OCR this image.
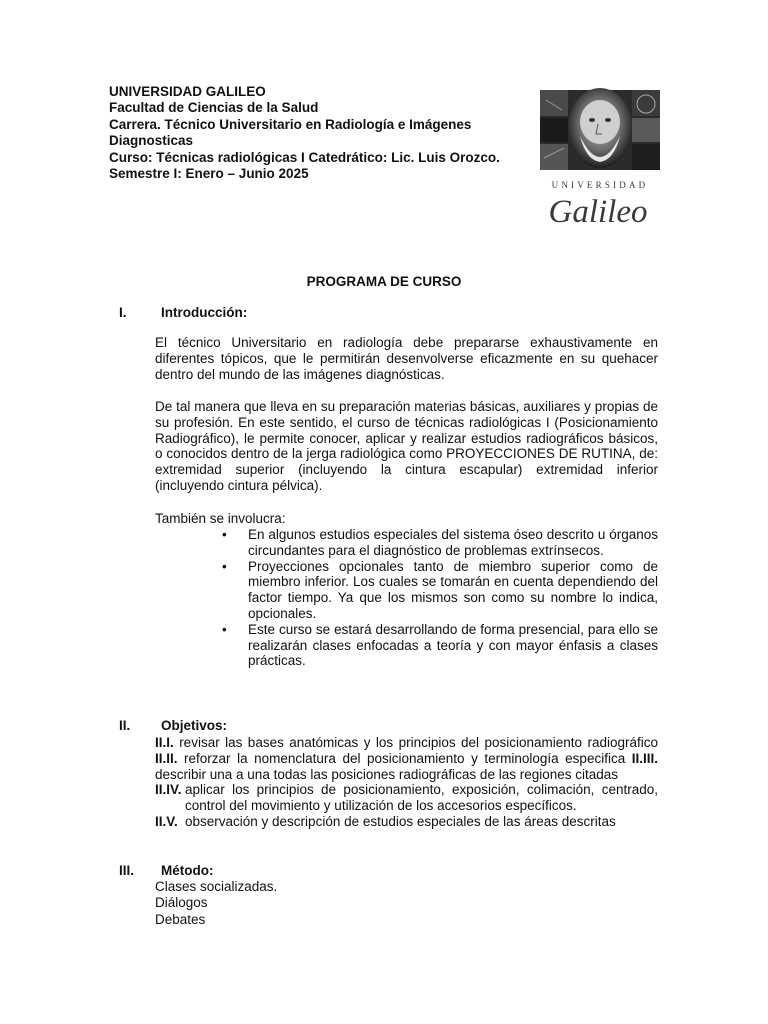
UNIVERSIDAD GALILEO
Facultad de Ciencias de la Salud
Carrera. Técnico Universitario en Radiología e Imágenes Diagnosticas
Curso: Técnicas radiológicas I Catedrático: Lic. Luis Orozco.
Semestre I: Enero – Junio 2025
UNIVERSIDAD
Galileo
PROGRAMA DE CURSO
I.	Introducción:

El técnico Universitario en radiología debe prepararse exhaustivamente en diferentes tópicos, que le permitirán desenvolverse eficazmente en su quehacer dentro del mundo de las imágenes diagnósticas.

De tal manera que lleva en su preparación materias básicas, auxiliares y propias de su profesión. En este sentido, el curso de técnicas radiológicas I (Posicionamiento Radiográfico), le permite conocer, aplicar y realizar estudios radiográficos básicos, o conocidos dentro de la jerga radiológica como PROYECCIONES DE RUTINA, de: extremidad superior (incluyendo la cintura escapular) extremidad inferior (incluyendo cintura pélvica).

También se involucra:

• En algunos estudios especiales del sistema óseo descrito u órganos circundantes para el diagnóstico de problemas extrínsecos.

• Proyecciones opcionales tanto de miembro superior como de miembro inferior. Los cuales se tomarán en cuenta dependiendo del factor tiempo. Ya que los mismos son como su nombre lo indica, opcionales.

• Este curso se estará desarrollando de forma presencial, para ello se realizarán clases enfocadas a teoría y con mayor énfasis a clases prácticas.

II. Objetivos:

II.I. revisar las bases anatómicas y los principios del posicionamiento radiográfico II.II. reforzar la nomenclatura del posicionamiento y terminología especifica II.III. describir una a una todas las posiciones radiográficas de las regiones citadas

II.IV. aplicar los principios de posicionamiento, exposición, colimación, centrado, control del movimiento y utilización de los accesorios específicos.

II.V. observación y descripción de estudios especiales de las áreas descritas

III. Método:
Clases socializadas.
Diálogos
Debates
